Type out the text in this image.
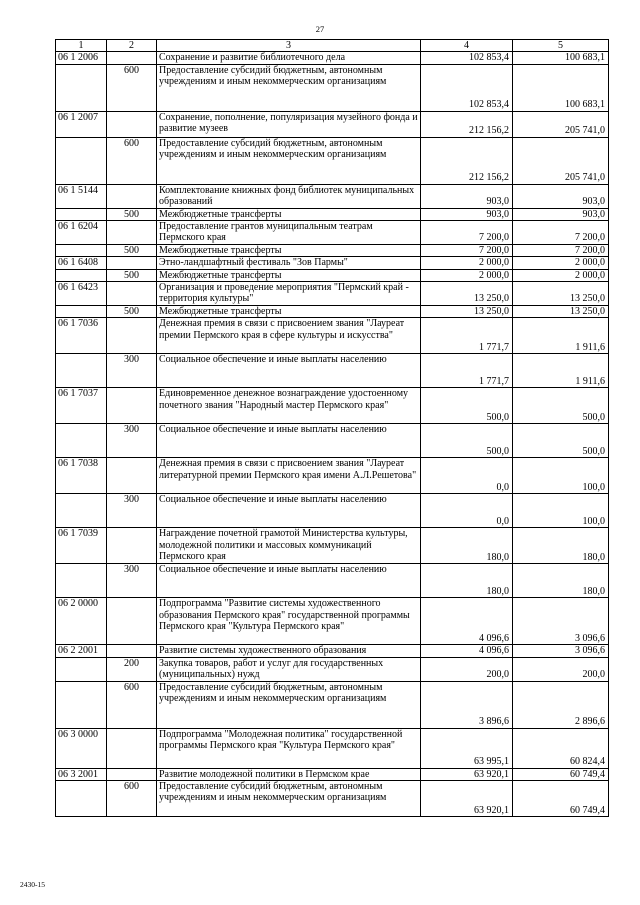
27
1	2	3	4	5
06 1 2006		Сохранение и развитие библиотечного дела	102 853,4	100 683,1
	600	Предоставление субсидий бюджетным, автономным учреждениям и иным некоммерческим организациям	102 853,4	100 683,1
06 1 2007		Сохранение, пополнение, популяризация музейного фонда и развитие музеев	212 156,2	205 741,0
	600	Предоставление субсидий бюджетным, автономным учреждениям и иным некоммерческим организациям	212 156,2	205 741,0
06 1 5144		Комплектование книжных фонд библиотек муниципальных образований	903,0	903,0
	500	Межбюджетные трансферты	903,0	903,0
06 1 6204		Предоставление грантов муниципальным театрам Пермского края	7 200,0	7 200,0
	500	Межбюджетные трансферты	7 200,0	7 200,0
06 1 6408		Этно-ландшафтный фестиваль "Зов Пармы"	2 000,0	2 000,0
	500	Межбюджетные трансферты	2 000,0	2 000,0
06 1 6423		Организация и проведение мероприятия "Пермский край - территория культуры"	13 250,0	13 250,0
	500	Межбюджетные трансферты	13 250,0	13 250,0
06 1 7036		Денежная премия в связи с присвоением звания "Лауреат премии Пермского края в сфере культуры и искусства"	1 771,7	1 911,6
	300	Социальное обеспечение и иные выплаты населению	1 771,7	1 911,6
06 1 7037		Единовременное денежное вознаграждение удостоенному почетного звания "Народный мастер Пермского края"	500,0	500,0
	300	Социальное обеспечение и иные выплаты населению	500,0	500,0
06 1 7038		Денежная премия в связи с присвоением звания "Лауреат литературной премии Пермского края имени А.Л.Решетова"	0,0	100,0
	300	Социальное обеспечение и иные выплаты населению	0,0	100,0
06 1 7039		Награждение почетной грамотой Министерства культуры, молодежной политики и массовых коммуникаций Пермского края	180,0	180,0
	300	Социальное обеспечение и иные выплаты населению	180,0	180,0
06 2 0000		Подпрограмма "Развитие системы художественного образования Пермского края" государственной программы Пермского края "Культура Пермского края"	4 096,6	3 096,6
06 2 2001		Развитие системы художественного образования	4 096,6	3 096,6
	200	Закупка товаров, работ и услуг для государственных (муниципальных) нужд	200,0	200,0
	600	Предоставление субсидий бюджетным, автономным учреждениям и иным некоммерческим организациям	3 896,6	2 896,6
06 3 0000		Подпрограмма "Молодежная политика" государственной программы Пермского края "Культура Пермского края"	63 995,1	60 824,4
06 3 2001		Развитие молодежной политики в Пермском крае	63 920,1	60 749,4
	600	Предоставление субсидий бюджетным, автономным учреждениям и иным некоммерческим организациям	63 920,1	60 749,4
2430-15
